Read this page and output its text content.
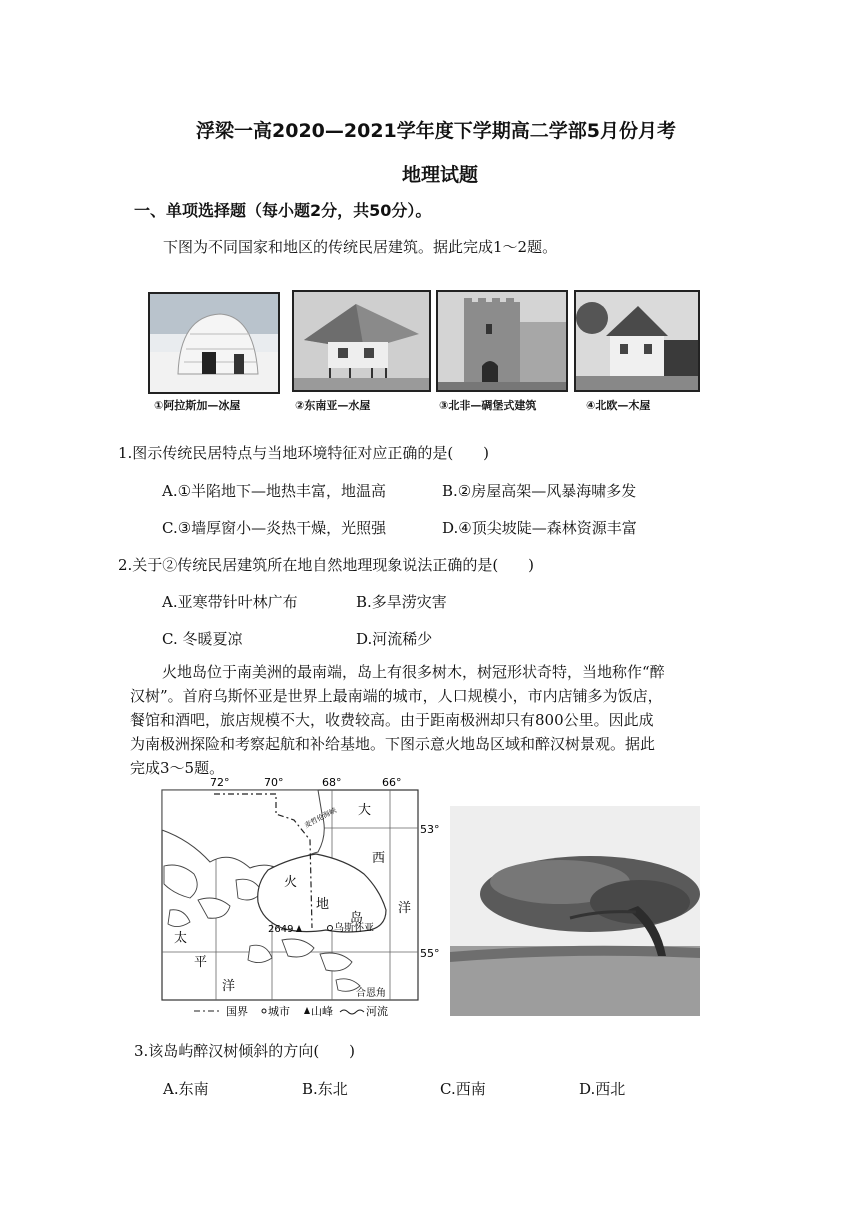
浮梁一高2020—2021学年度下学期高二学部5月份月考
地理试题
一、单项选择题（每小题2分，共50分）。
下图为不同国家和地区的传统民居建筑。据此完成1～2题。
①阿拉斯加—冰屋	②东南亚—水屋	③北非—碉堡式建筑	④北欧—木屋
1.图示传统民居特点与当地环境特征对应正确的是(　　)
A.①半陷地下—地热丰富，地温高	B.②房屋高架—风暴海啸多发
C.③墙厚窗小—炎热干燥，光照强	D.④顶尖坡陡—森林资源丰富
2.关于②传统民居建筑所在地自然地理现象说法正确的是(　　)
A.亚寒带针叶林广布	B.多旱涝灾害
C. 冬暖夏凉	D.河流稀少
火地岛位于南美洲的最南端，岛上有很多树木，树冠形状奇特，当地称作“醉
汉树”。首府乌斯怀亚是世界上最南端的城市，人口规模小，市内店铺多为饭店，
餐馆和酒吧，旅店规模不大，收费较高。由于距南极洲却只有800公里。因此成
为南极洲探险和考察起航和补给基地。下图示意火地岛区域和醉汉树景观。据此
完成3～5题。
72°	70°	68°	66°
53°
55°
麦哲伦海峡 大
西
洋
太
平
洋
火
地
岛
2649	乌斯怀亚
合恩角
国界 城市 山峰	河流
3.该岛屿醉汉树倾斜的方向(　　)
A.东南	B.东北	C.西南	D.西北
